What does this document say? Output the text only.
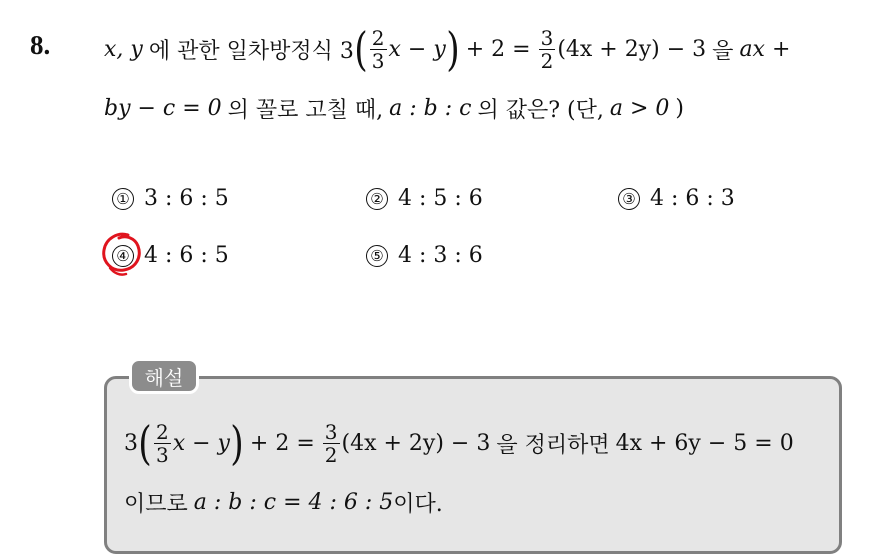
8. x, y 에 관한 일차방정식 3 ( $\frac{2}{3}$ x − y ) + $2 = \frac{3}{2} (4x + 2y) - 3$ 을 ax +
by − c = 0 의 꼴로 고칠 때, a : b : c 의 값은? (단, a > 0 )
① 3 : 6 : 5	② 4 : 5 : 6	③ 4 : 6 : 3
④ 4 : 6 : 5	⑤ 4 : 3 : 6
해설
3 ( $\frac{2}{3}$ x − y ) + $2 = \frac{3}{2} (4x + 2y) - 3$ 을 정리하면 4x + 6y − 5 = 0
이므로 a : b : c = 4 : 6 : 5 이다.
